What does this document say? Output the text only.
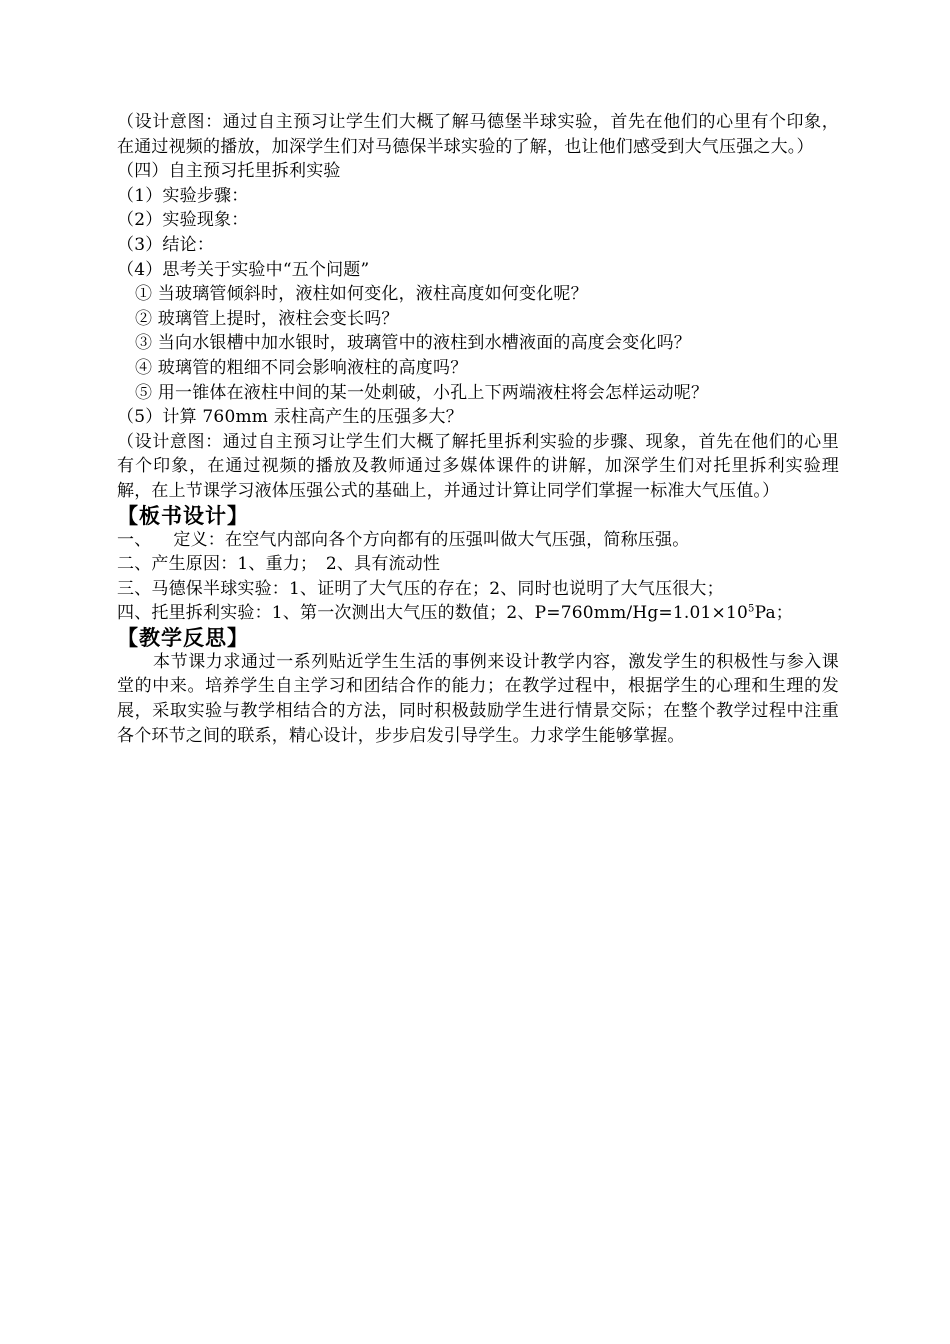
（设计意图：通过自主预习让学生们大概了解马德堡半球实验，首先在他们的心里有个印象，在通过视频的播放，加深学生们对马德保半球实验的了解，也让他们感受到大气压强之大。）
（四）自主预习托里拆利实验
（1）实验步骤：
（2）实验现象：
（3）结论：
（4）思考关于实验中“五个问题”
① 当玻璃管倾斜时，液柱如何变化，液柱高度如何变化呢？
② 玻璃管上提时，液柱会变长吗？
③ 当向水银槽中加水银时，玻璃管中的液柱到水槽液面的高度会变化吗？
④ 玻璃管的粗细不同会影响液柱的高度吗？
⑤ 用一锥体在液柱中间的某一处刺破，小孔上下两端液柱将会怎样运动呢？
（5）计算 760mm 汞柱高产生的压强多大？
（设计意图：通过自主预习让学生们大概了解托里拆利实验的步骤、现象，首先在他们的心里有个印象，在通过视频的播放及教师通过多媒体课件的讲解，加深学生们对托里拆利实验理解，在上节课学习液体压强公式的基础上，并通过计算让同学们掌握一标准大气压值。）
【板书设计】
一、 定义：在空气内部向各个方向都有的压强叫做大气压强，简称压强。
二、产生原因：1、重力；　2、具有流动性
三、马德保半球实验：1、证明了大气压的存在；2、同时也说明了大气压很大；
四、托里拆利实验：1、第一次测出大气压的数值；2、$P=760mm/Hg=1.01\times 10^5Pa$；
【教学反思】
本节课力求通过一系列贴近学生生活的事例来设计教学内容，激发学生的积极性与参入课堂的中来。培养学生自主学习和团结合作的能力；在教学过程中，根据学生的心理和生理的发展，采取实验与教学相结合的方法，同时积极鼓励学生进行情景交际；在整个教学过程中注重各个环节之间的联系，精心设计，步步启发引导学生。力求学生能够掌握。
